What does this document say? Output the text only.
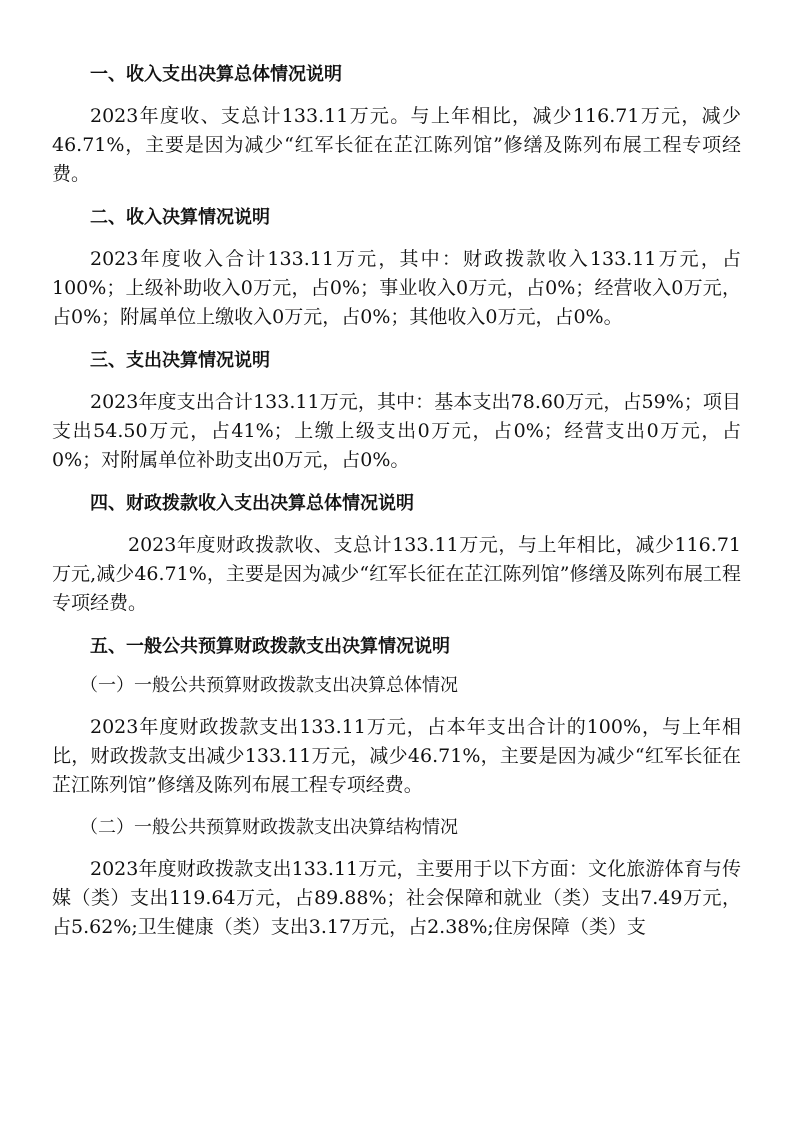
一、收入支出决算总体情况说明

2023年度收、支总计133.11万元。与上年相比，减少116.71万元，减少46.71%，主要是因为减少“红军长征在芷江陈列馆”修缮及陈列布展工程专项经费。

二、收入决算情况说明

2023年度收入合计133.11万元，其中：财政拨款收入133.11万元，占100%；上级补助收入0万元，占0%；事业收入0万元，占0%；经营收入0万元，占0%；附属单位上缴收入0万元，占0%；其他收入0万元，占0%。

三、支出决算情况说明

2023年度支出合计133.11万元，其中：基本支出78.60万元，占59%；项目支出54.50万元，占41%；上缴上级支出0万元，占0%；经营支出0万元，占0%；对附属单位补助支出0万元，占0%。

四、财政拨款收入支出决算总体情况说明

2023年度财政拨款收、支总计133.11万元，与上年相比，减少116.71万元,减少46.71%，主要是因为减少“红军长征在芷江陈列馆”修缮及陈列布展工程专项经费。

五、一般公共预算财政拨款支出决算情况说明
（一）一般公共预算财政拨款支出决算总体情况

2023年度财政拨款支出133.11万元，占本年支出合计的100%，与上年相比，财政拨款支出减少133.11万元，减少46.71%，主要是因为减少“红军长征在芷江陈列馆”修缮及陈列布展工程专项经费。

（二）一般公共预算财政拨款支出决算结构情况

2023年度财政拨款支出133.11万元，主要用于以下方面：文化旅游体育与传媒（类）支出119.64万元，占89.88%；社会保障和就业（类）支出7.49万元，占5.62%;卫生健康（类）支出3.17万元，占2.38%;住房保障（类）支
